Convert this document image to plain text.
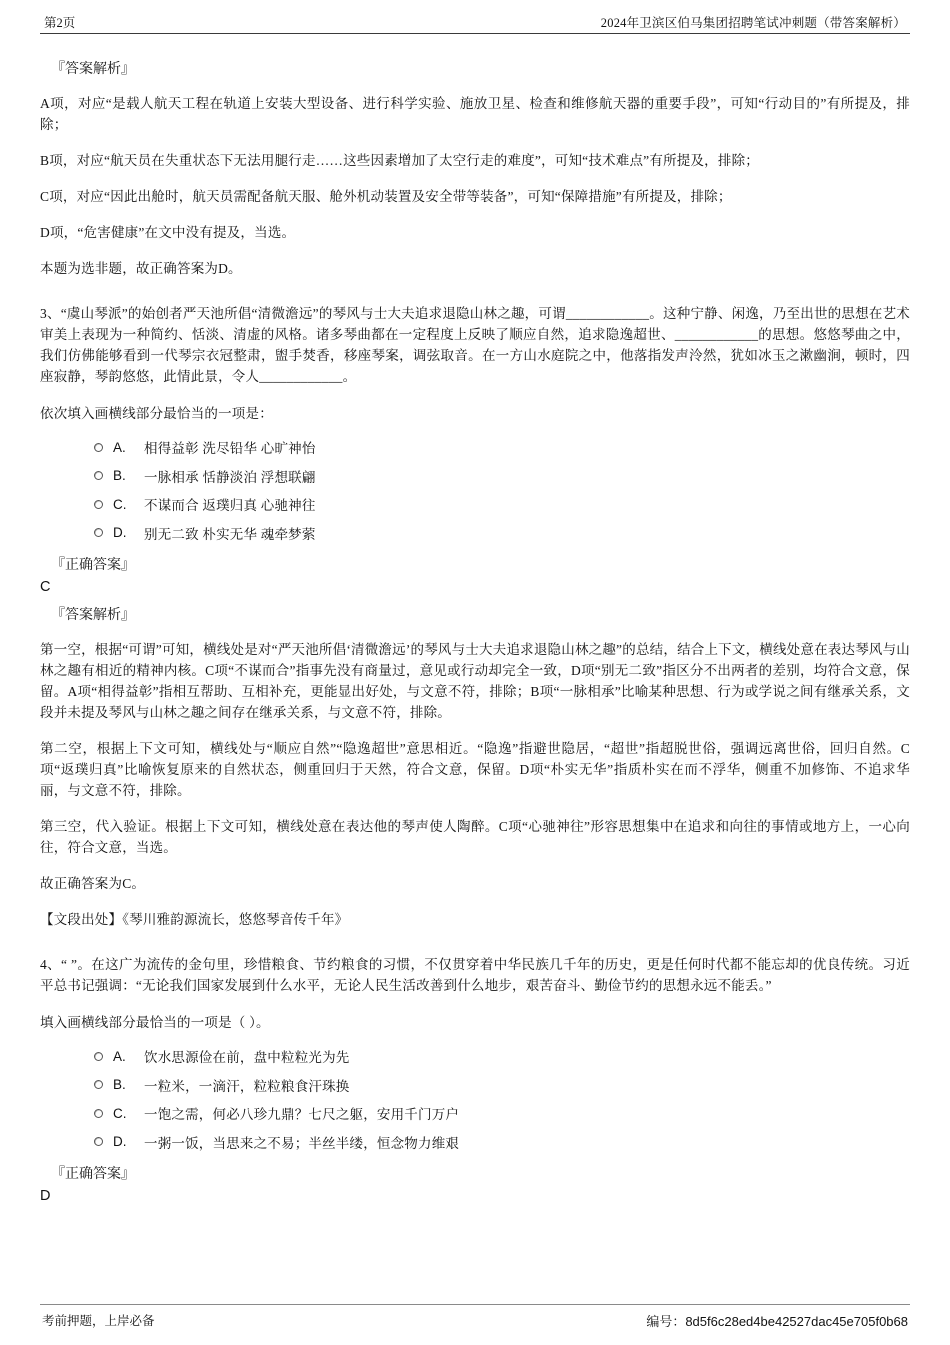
第2页	2024年卫滨区伯马集团招聘笔试冲刺题（带答案解析）

『答案解析』

A项，对应“是载人航天工程在轨道上安装大型设备、进行科学实验、施放卫星、检查和维修航天器的重要手段”，可知“行动目的”有所提及，排除；

B项，对应“航天员在失重状态下无法用腿行走……这些因素增加了太空行走的难度”，可知“技术难点”有所提及，排除；

C项，对应“因此出舱时，航天员需配备航天服、舱外机动装置及安全带等装备”，可知“保障措施”有所提及，排除；

D项，“危害健康”在文中没有提及，当选。

本题为选非题，故正确答案为D。

3、“虞山琴派”的始创者严天池所倡“清微澹远”的琴风与士大夫追求退隐山林之趣，可谓____________。这种宁静、闲逸，乃至出世的思想在艺术审美上表现为一种简约、恬淡、清虚的风格。诸多琴曲都在一定程度上反映了顺应自然，追求隐逸超世、____________的思想。悠悠琴曲之中，我们仿佛能够看到一代琴宗衣冠整肃，盥手焚香，移座琴案，调弦取音。在一方山水庭院之中，他落指发声泠然，犹如冰玉之漱幽涧，顿时，四座寂静，琴韵悠悠，此情此景，令人____________。

依次填入画横线部分最恰当的一项是：

A.	相得益彰 洗尽铅华 心旷神怡
B.	一脉相承 恬静淡泊 浮想联翩
C.	不谋而合 返璞归真 心驰神往
D.	别无二致 朴实无华 魂牵梦萦

『正确答案』

C

『答案解析』

第一空，根据“可谓”可知，横线处是对“严天池所倡‘清微澹远’的琴风与士大夫追求退隐山林之趣”的总结，结合上下文，横线处意在表达琴风与山林之趣有相近的精神内核。C项“不谋而合”指事先没有商量过，意见或行动却完全一致，D项“别无二致”指区分不出两者的差别，均符合文意，保留。A项“相得益彰”指相互帮助、互相补充，更能显出好处，与文意不符，排除；B项“一脉相承”比喻某种思想、行为或学说之间有继承关系，文段并未提及琴风与山林之趣之间存在继承关系，与文意不符，排除。

第二空，根据上下文可知，横线处与“顺应自然”“隐逸超世”意思相近。“隐逸”指避世隐居，“超世”指超脱世俗，强调远离世俗，回归自然。C项“返璞归真”比喻恢复原来的自然状态，侧重回归于天然，符合文意，保留。D项“朴实无华”指质朴实在而不浮华，侧重不加修饰、不追求华丽，与文意不符，排除。

第三空，代入验证。根据上下文可知，横线处意在表达他的琴声使人陶醉。C项“心驰神往”形容思想集中在追求和向往的事情或地方上，一心向往，符合文意，当选。

故正确答案为C。

【文段出处】《琴川雅韵源流长，悠悠琴音传千年》

4、“ ”。在这广为流传的金句里，珍惜粮食、节约粮食的习惯，不仅贯穿着中华民族几千年的历史，更是任何时代都不能忘却的优良传统。习近平总书记强调：“无论我们国家发展到什么水平，无论人民生活改善到什么地步，艰苦奋斗、勤俭节约的思想永远不能丢。”

填入画横线部分最恰当的一项是（ ）。

A.	饮水思源俭在前，盘中粒粒光为先
B.	一粒米，一滴汗，粒粒粮食汗珠换
C.	一饱之需，何必八珍九鼎？七尺之躯，安用千门万户
D.	一粥一饭，当思来之不易；半丝半缕，恒念物力维艰

『正确答案』

D

考前押题，上岸必备	编号：8d5f6c28ed4be42527dac45e705f0b68
